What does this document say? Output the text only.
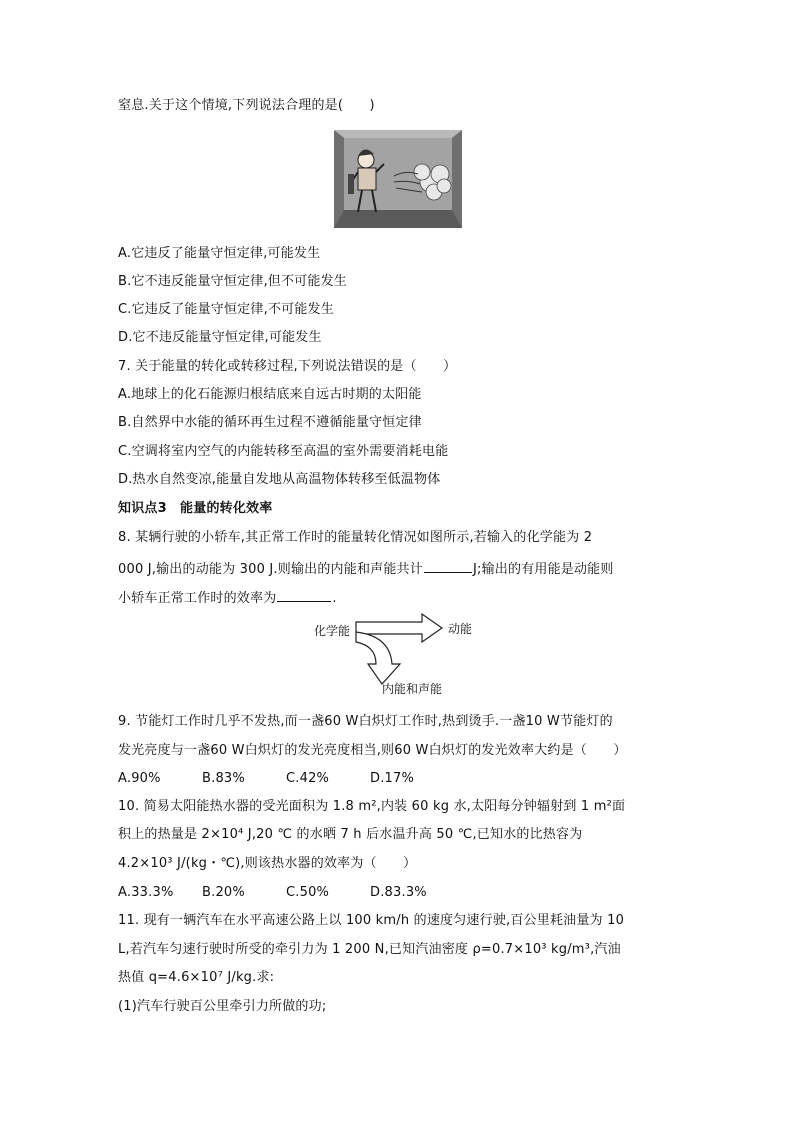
窒息.关于这个情境,下列说法合理的是(　　)
A.它违反了能量守恒定律,可能发生
B.它不违反能量守恒定律,但不可能发生
C.它违反了能量守恒定律,不可能发生
D.它不违反能量守恒定律,可能发生
7. 关于能量的转化或转移过程,下列说法错误的是（　　）
A.地球上的化石能源归根结底来自远古时期的太阳能
B.自然界中水能的循环再生过程不遵循能量守恒定律
C.空调将室内空气的内能转移至高温的室外需要消耗电能
D.热水自然变凉,能量自发地从高温物体转移至低温物体
知识点3　能量的转化效率
8. 某辆行驶的小轿车,其正常工作时的能量转化情况如图所示,若输入的化学能为 2
000 J,输出的动能为 300 J.则输出的内能和声能共计	J;输出的有用能是动能则
小轿车正常工作时的效率为	.
化学能	动能
内能和声能
9. 节能灯工作时几乎不发热,而一盏60 W白炽灯工作时,热到烫手.一盏10 W节能灯的
发光亮度与一盏60 W白炽灯的发光亮度相当,则60 W白炽灯的发光效率大约是（　　）
A.90%	B.83%	C.42%	D.17%
10. 简易太阳能热水器的受光面积为 1.8 m²,内装 60 kg 水,太阳每分钟辐射到 1 m²面
积上的热量是 2×10⁴ J,20 ℃ 的水晒 7 h 后水温升高 50 ℃,已知水的比热容为
4.2×10³ J/(kg・℃),则该热水器的效率为（　　）
A.33.3% B.20%	C.50%	D.83.3%
11. 现有一辆汽车在水平高速公路上以 100 km/h 的速度匀速行驶,百公里耗油量为 10
L,若汽车匀速行驶时所受的牵引力为 1 200 N,已知汽油密度 ρ=0.7×10³ kg/m³,汽油
热值 q=4.6×10⁷ J/kg.求:
(1)汽车行驶百公里牵引力所做的功;
